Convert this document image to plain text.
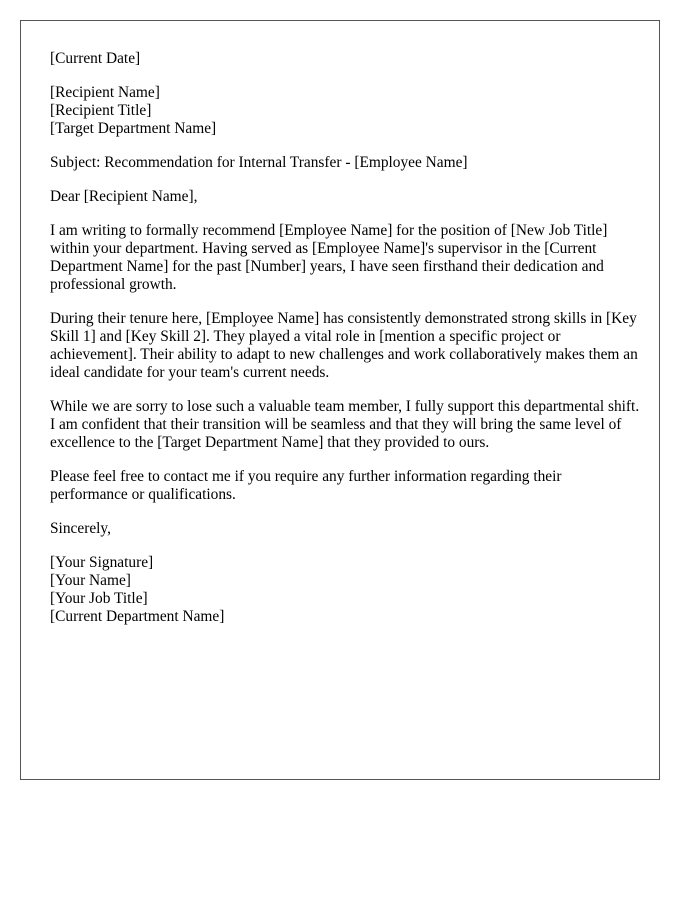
[Current Date]
[Recipient Name]
[Recipient Title]
[Target Department Name]
Subject: Recommendation for Internal Transfer - [Employee Name]
Dear [Recipient Name],

I am writing to formally recommend [Employee Name] for the position of [New Job Title] within your department. Having served as [Employee Name]'s supervisor in the [Current Department Name] for the past [Number] years, I have seen firsthand their dedication and professional growth.

During their tenure here, [Employee Name] has consistently demonstrated strong skills in [Key Skill 1] and [Key Skill 2]. They played a vital role in [mention a specific project or achievement]. Their ability to adapt to new challenges and work collaboratively makes them an ideal candidate for your team's current needs.

While we are sorry to lose such a valuable team member, I fully support this departmental shift. I am confident that their transition will be seamless and that they will bring the same level of excellence to the [Target Department Name] that they provided to ours.

Please feel free to contact me if you require any further information regarding their performance or qualifications.

Sincerely,
[Your Signature]
[Your Name]
[Your Job Title]
[Current Department Name]
